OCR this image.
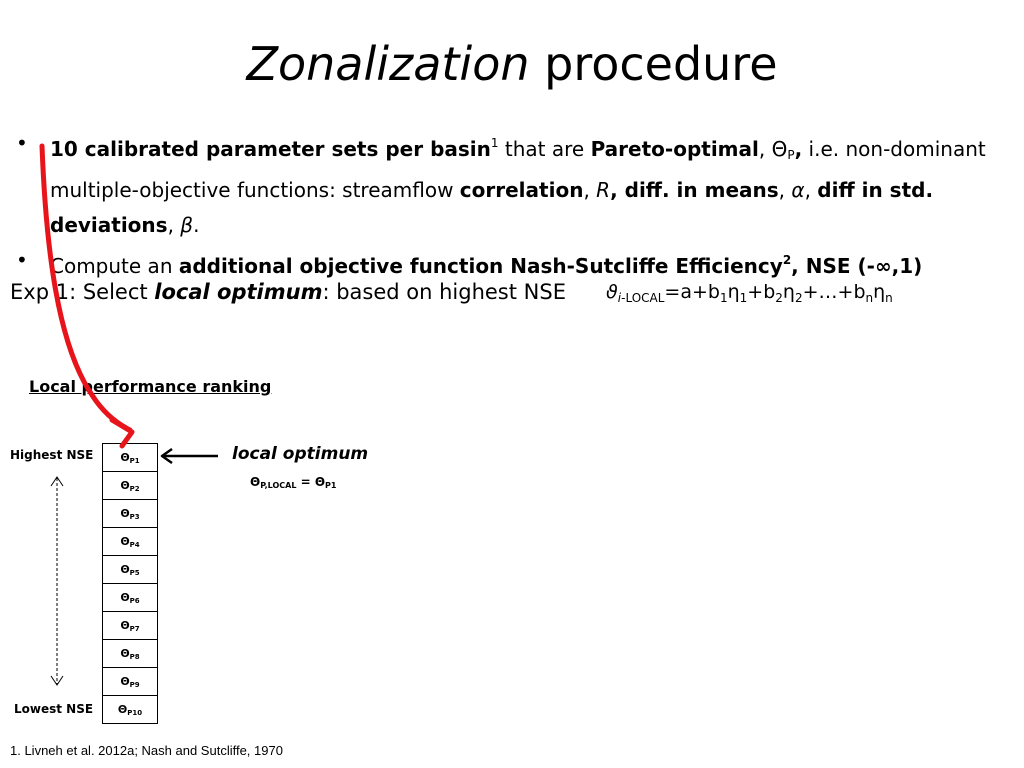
Zonalization procedure
• 10 calibrated parameter sets per basin$^1$ that are Pareto-optimal, $\Theta_P$, i.e. non-dominant multiple-objective functions: streamflow correlation, R, diff. in means, α, diff in std. deviations, β.
• Compute an additional objective function Nash-Sutcliffe Efficiency$^2$, NSE (-∞,1)
Exp 1: Select local optimum: based on highest NSE $ϑ_{i-LOCAL}=a+b_1\eta_1+b_2\eta_2+\dots+b_n\eta_n$
Local performance ranking
Highest NSE
Lowest NSE
ΘP1
ΘP2
ΘP3
ΘP4
ΘP5
ΘP6
ΘP7
ΘP8
ΘP9
ΘP10
local optimum
ΘP,LOCAL = ΘP1
1. Livneh et al. 2012a; Nash and Sutcliffe, 1970
